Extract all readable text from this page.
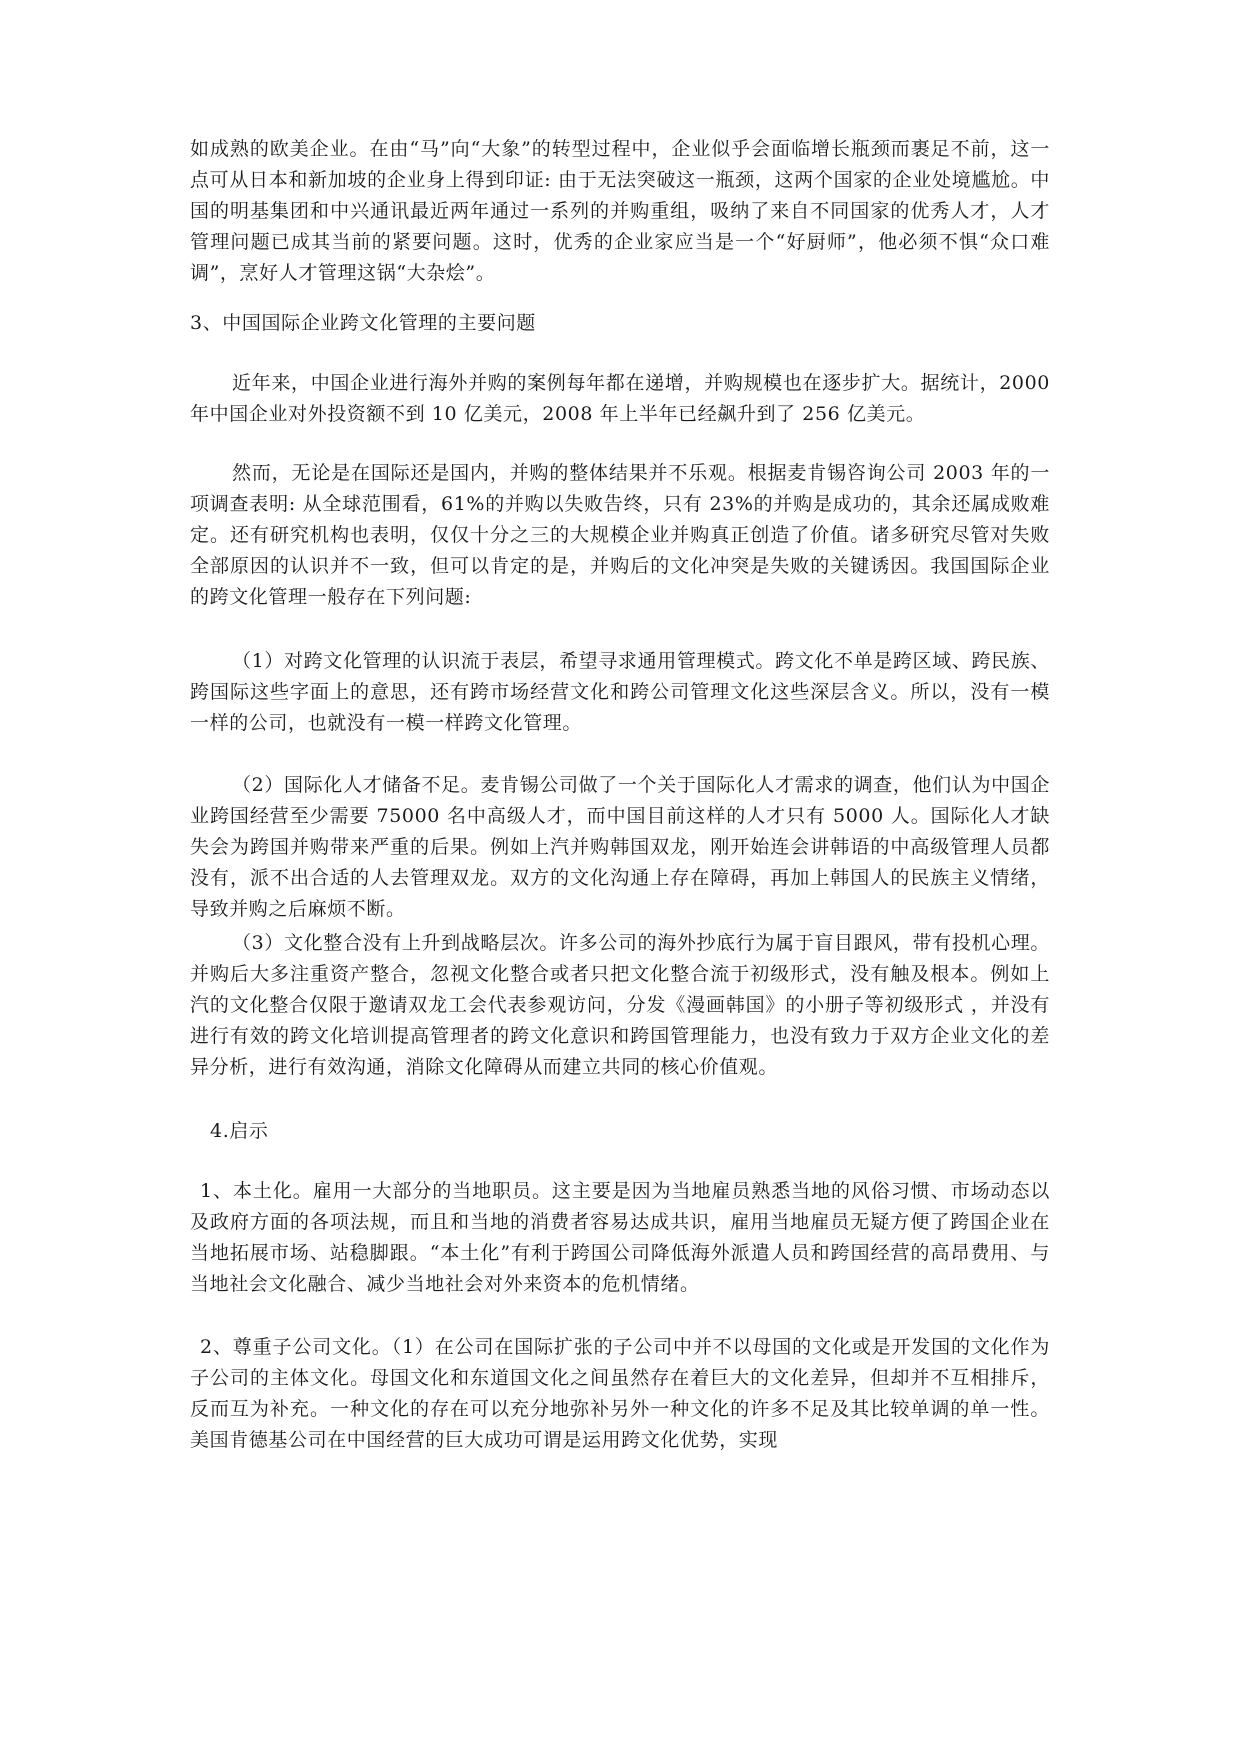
如成熟的欧美企业。在由“马”向“大象”的转型过程中，企业似乎会面临增长瓶颈而裹足不前，这一点可从日本和新加坡的企业身上得到印证: 由于无法突破这一瓶颈，这两个国家的企业处境尴尬。中国的明基集团和中兴通讯最近两年通过一系列的并购重组，吸纳了来自不同国家的优秀人才，人才管理问题已成其当前的紧要问题。这时，优秀的企业家应当是一个“好厨师”，他必须不惧“众口难调”，烹好人才管理这锅“大杂烩”。

3、中国国际企业跨文化管理的主要问题

近年来，中国企业进行海外并购的案例每年都在递增，并购规模也在逐步扩大。据统计，2000 年中国企业对外投资额不到 10 亿美元，2008 年上半年已经飙升到了 256 亿美元。

然而，无论是在国际还是国内，并购的整体结果并不乐观。根据麦肯锡咨询公司 2003 年的一项调查表明: 从全球范围看，61%的并购以失败告终，只有 23%的并购是成功的，其余还属成败难定。还有研究机构也表明，仅仅十分之三的大规模企业并购真正创造了价值。诸多研究尽管对失败全部原因的认识并不一致，但可以肯定的是，并购后的文化冲突是失败的关键诱因。我国国际企业的跨文化管理一般存在下列问题:

（1）对跨文化管理的认识流于表层，希望寻求通用管理模式。跨文化不单是跨区域、跨民族、跨国际这些字面上的意思，还有跨市场经营文化和跨公司管理文化这些深层含义。所以，没有一模一样的公司，也就没有一模一样跨文化管理。

（2）国际化人才储备不足。麦肯锡公司做了一个关于国际化人才需求的调查，他们认为中国企业跨国经营至少需要 75000 名中高级人才，而中国目前这样的人才只有 5000 人。国际化人才缺失会为跨国并购带来严重的后果。例如上汽并购韩国双龙，刚开始连会讲韩语的中高级管理人员都没有，派不出合适的人去管理双龙。双方的文化沟通上存在障碍，再加上韩国人的民族主义情绪，导致并购之后麻烦不断。

（3）文化整合没有上升到战略层次。许多公司的海外抄底行为属于盲目跟风，带有投机心理。并购后大多注重资产整合，忽视文化整合或者只把文化整合流于初级形式，没有触及根本。例如上汽的文化整合仅限于邀请双龙工会代表参观访问，分发《漫画韩国》的小册子等初级形式 ，并没有进行有效的跨文化培训提高管理者的跨文化意识和跨国管理能力，也没有致力于双方企业文化的差异分析，进行有效沟通，消除文化障碍从而建立共同的核心价值观。

4.启示

1、本土化。雇用一大部分的当地职员。这主要是因为当地雇员熟悉当地的风俗习惯、市场动态以及政府方面的各项法规，而且和当地的消费者容易达成共识，雇用当地雇员无疑方便了跨国企业在当地拓展市场、站稳脚跟。“本土化”有利于跨国公司降低海外派遣人员和跨国经营的高昂费用、与当地社会文化融合、减少当地社会对外来资本的危机情绪。

2、尊重子公司文化。（1）在公司在国际扩张的子公司中并不以母国的文化或是开发国的文化作为子公司的主体文化。母国文化和东道国文化之间虽然存在着巨大的文化差异，但却并不互相排斥，反而互为补充。一种文化的存在可以充分地弥补另外一种文化的许多不足及其比较单调的单一性。美国肯德基公司在中国经营的巨大成功可谓是运用跨文化优势，实现
